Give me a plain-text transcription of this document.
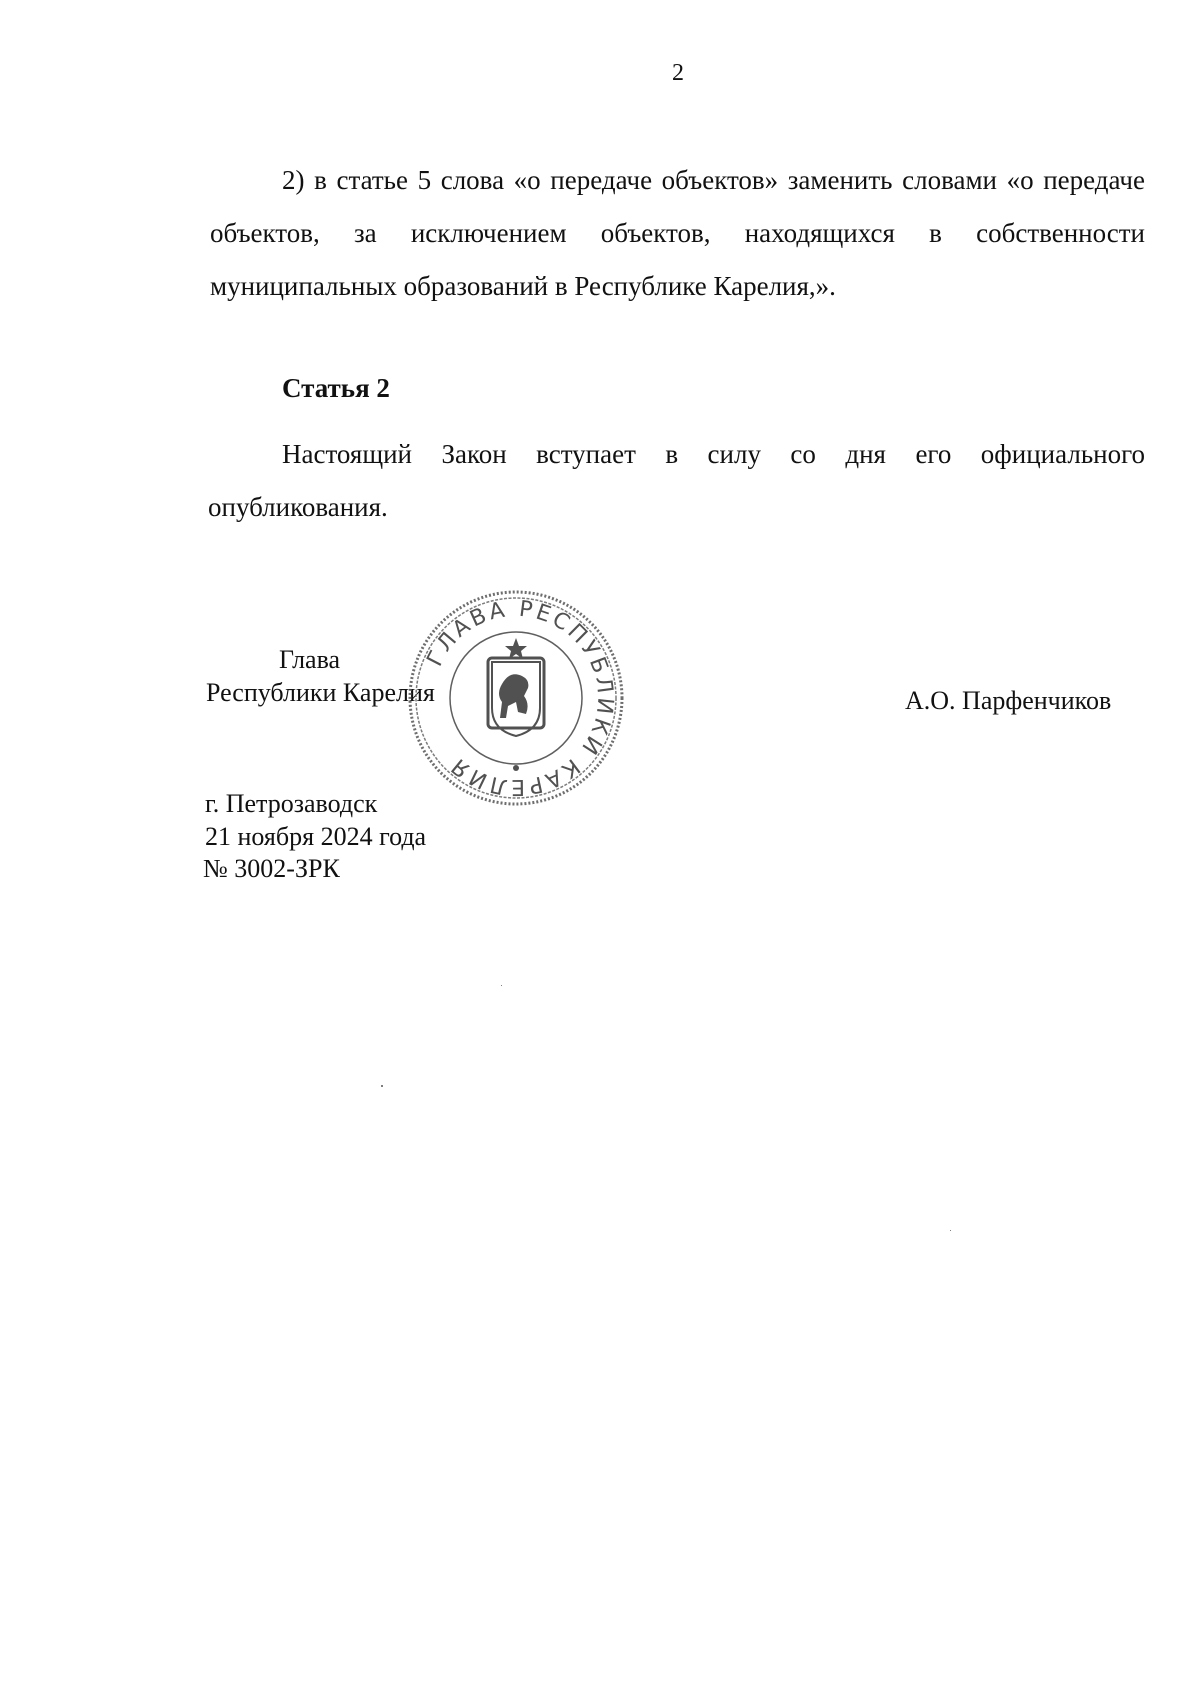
2

2) в статье 5 слова «о передаче объектов» заменить словами «о передаче объектов, за исключением объектов, находящихся в собственности муниципальных образований в Республике Карелия,».

Статья 2

Настоящий Закон вступает в силу со дня его официального опубликования.

Глава
Республики Карелия	А.О. Парфенчиков
ГЛАВА РЕСПУБЛИКИ КАРЕЛИЯ
г. Петрозаводск
21 ноября 2024 года
№ 3002-ЗРК
